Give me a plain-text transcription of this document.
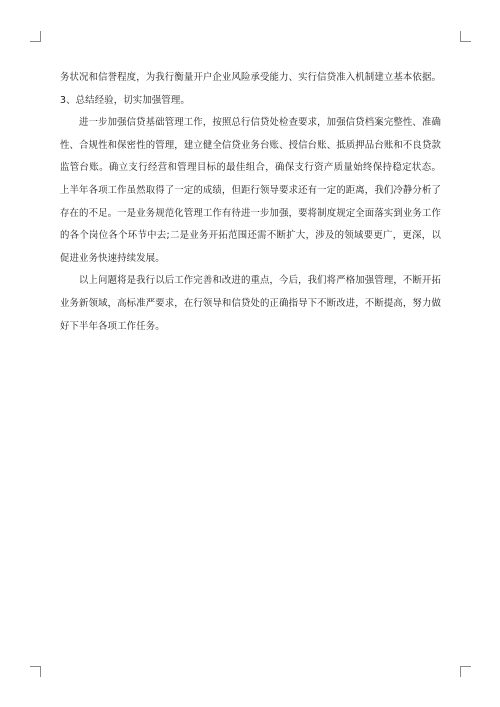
务状况和信誉程度，为我行衡量开户企业风险承受能力、实行信贷准入机制建立基本依据。 3、总结经验，切实加强管理。

进一步加强信贷基础管理工作，按照总行信贷处检查要求，加强信贷档案完整性、准确性、合规性和保密性的管理，建立健全信贷业务台账、授信台账、抵质押品台账和不良贷款监管台账。确立支行经营和管理目标的最佳组合，确保支行资产质量始终保持稳定状态。 上半年各项工作虽然取得了一定的成绩，但距行领导要求还有一定的距离，我们冷静分析了存在的不足。一是业务规范化管理工作有待进一步加强，要将制度规定全面落实到业务工作的各个岗位各个环节中去;二是业务开拓范围还需不断扩大，涉及的领域要更广，更深，以促进业务快速持续发展。

以上问题将是我行以后工作完善和改进的重点，今后，我们将严格加强管理，不断开拓业务新领域，高标准严要求，在行领导和信贷处的正确指导下不断改进，不断提高，努力做好下半年各项工作任务。
